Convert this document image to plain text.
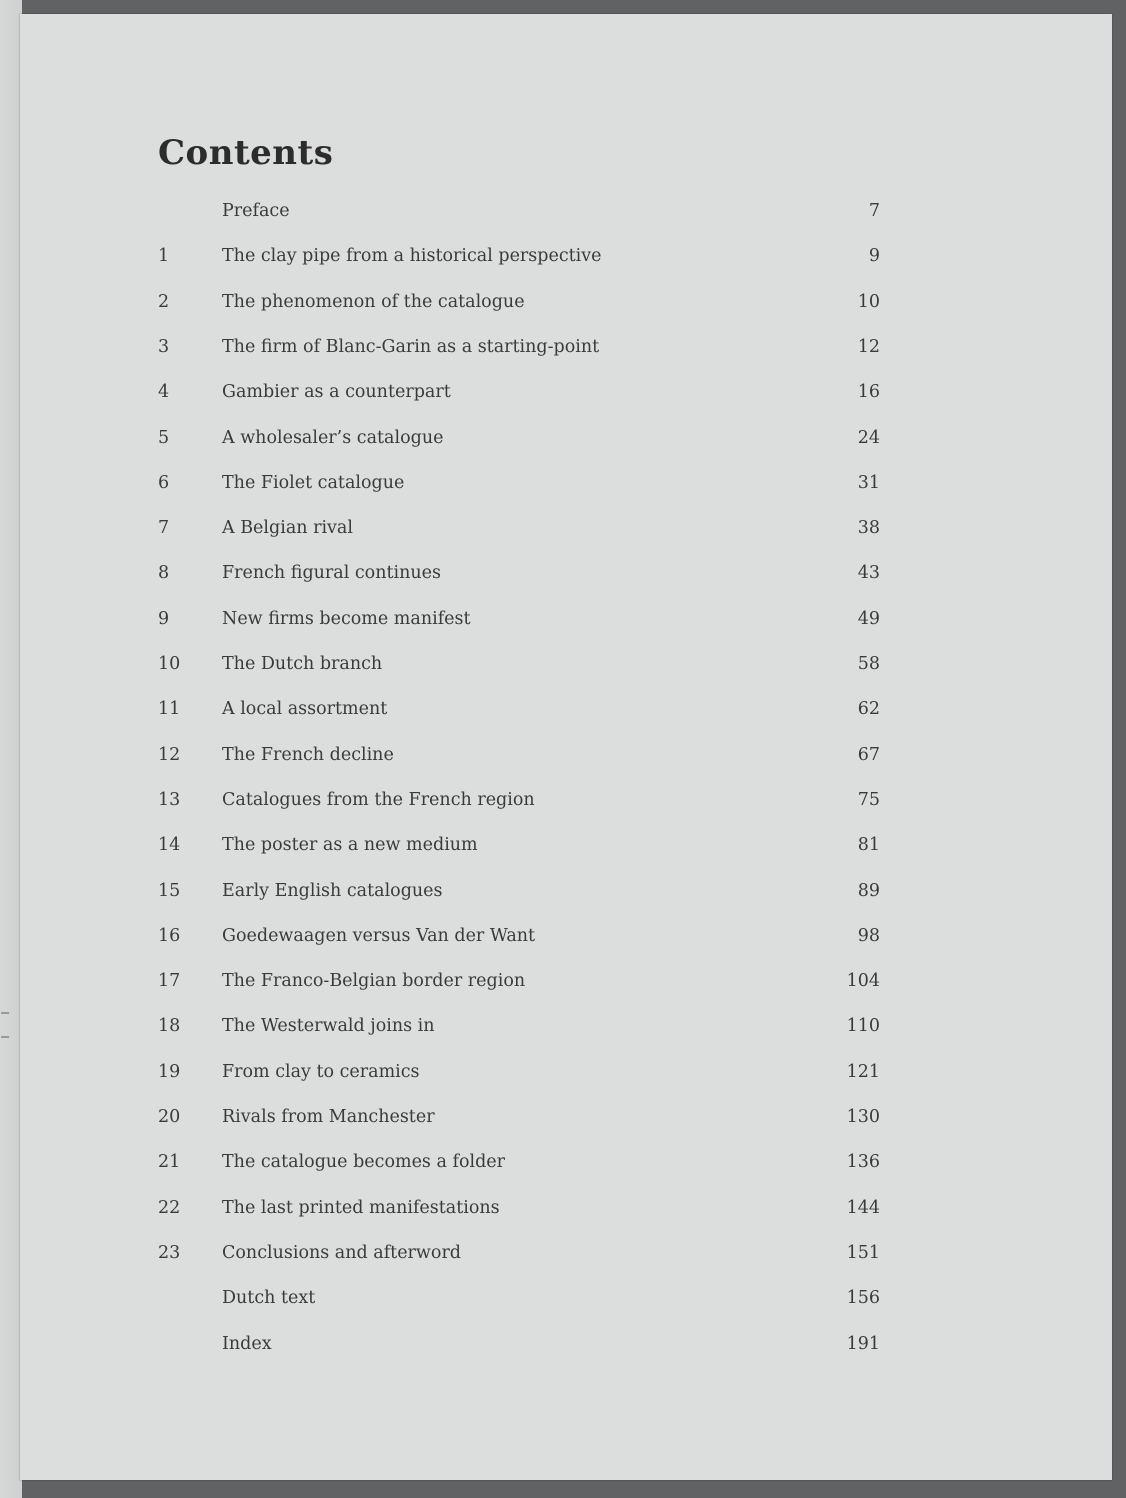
Contents
Preface	7
1	The clay pipe from a historical perspective	9
2	The phenomenon of the catalogue	10
3	The firm of Blanc-Garin as a starting-point	12
4	Gambier as a counterpart	16
5	A wholesaler’s catalogue	24
6	The Fiolet catalogue	31
7	A Belgian rival	38
8	French figural continues	43
9	New firms become manifest	49
10	The Dutch branch	58
11	A local assortment	62
12	The French decline	67
13	Catalogues from the French region	75
14	The poster as a new medium	81
15	Early English catalogues	89
16	Goedewaagen versus Van der Want	98
17	The Franco-Belgian border region	104
18	The Westerwald joins in	110
19	From clay to ceramics	121
20	Rivals from Manchester	130
21	The catalogue becomes a folder	136
22	The last printed manifestations	144
23	Conclusions and afterword	151
Dutch text	156
Index	191
